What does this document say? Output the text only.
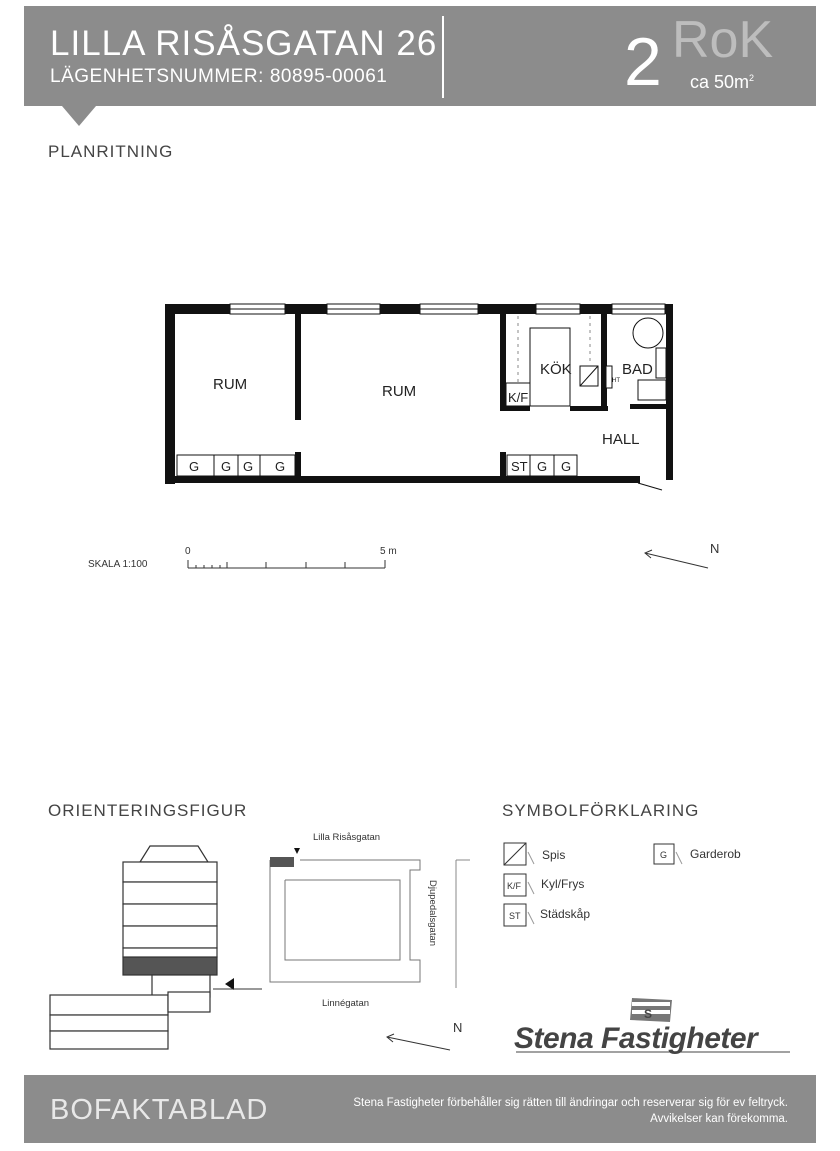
LILLA RISÅSGATAN 26
LÄGENHETSNUMMER: 80895-00061	2 RoK
ca $50m^2$
PLANRITNING
RUM	RUM
KÖK	BAD
HALL
K/F
HT
G G G G	ST G G
SKALA 1:100
0	5 m	N
Lilla Risåsgatan
Linnégatan
Djupedalsgatan
N
K/F
ST
G
Spis
Kyl/Frys
Städskåp
Garderob
S
ORIENTERINGSFIGUR	SYMBOLFÖRKLARING
Stena Fastigheter
BOFAKTABLAD	Stena Fastigheter förbehåller sig rätten till ändringar och reserverar sig för ev feltryck.
Avvikelser kan förekomma.
